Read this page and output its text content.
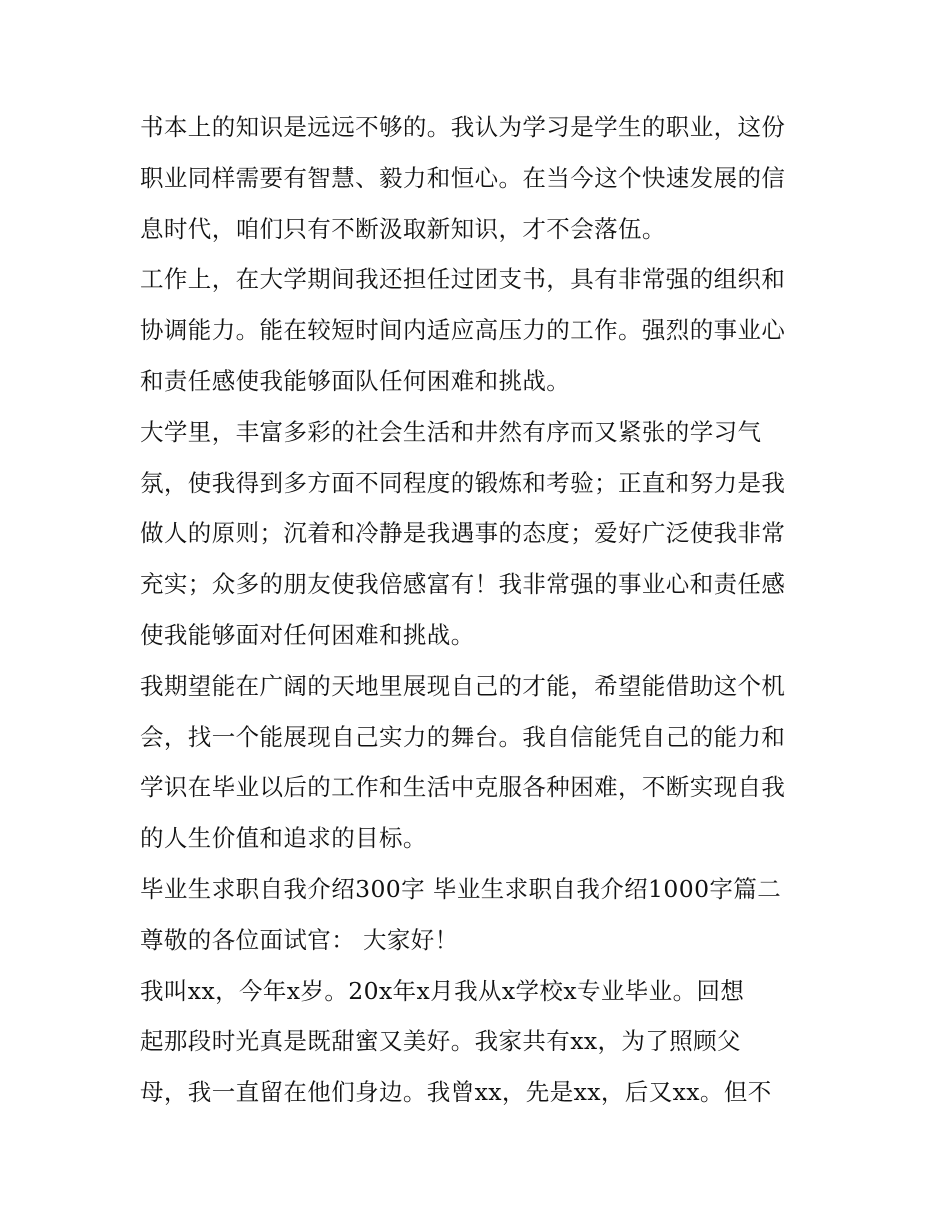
书本上的知识是远远不够的。我认为学习是学生的职业，这份
职业同样需要有智慧、毅力和恒心。在当今这个快速发展的信
息时代，咱们只有不断汲取新知识，才不会落伍。
工作上，在大学期间我还担任过团支书，具有非常强的组织和
协调能力。能在较短时间内适应高压力的工作。强烈的事业心
和责任感使我能够面队任何困难和挑战。
大学里，丰富多彩的社会生活和井然有序而又紧张的学习气
氛，使我得到多方面不同程度的锻炼和考验；正直和努力是我
做人的原则；沉着和冷静是我遇事的态度；爱好广泛使我非常
充实；众多的朋友使我倍感富有！我非常强的事业心和责任感
使我能够面对任何困难和挑战。
我期望能在广阔的天地里展现自己的才能，希望能借助这个机
会，找一个能展现自己实力的舞台。我自信能凭自己的能力和
学识在毕业以后的工作和生活中克服各种困难，不断实现自我
的人生价值和追求的目标。
毕业生求职自我介绍300字 毕业生求职自我介绍1000字篇二
尊敬的各位面试官： 大家好！
我叫xx，今年x岁。20x年x月我从x学校x专业毕业。回想
起那段时光真是既甜蜜又美好。我家共有xx，为了照顾父
母，我一直留在他们身边。我曾xx，先是xx，后又xx。但不
